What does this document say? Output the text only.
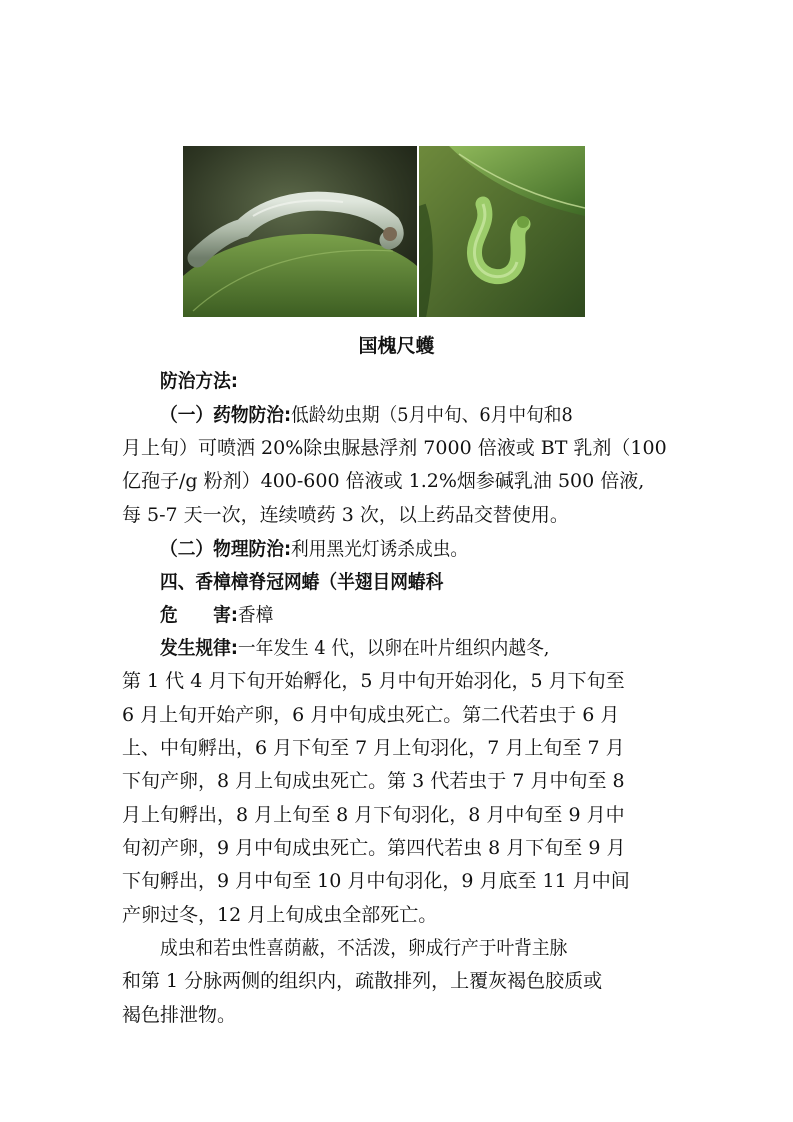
国槐尺蠖
防治方法:
（一）药物防治:低龄幼虫期（5月中旬、6月中旬和8
月上旬）可喷洒 20%除虫脲悬浮剂 7000 倍液或 BT 乳剂（100
亿孢子/g 粉剂）400-600 倍液或 1.2%烟参碱乳油 500 倍液,
每 5-7 天一次，连续喷药 3 次，以上药品交替使用。
（二）物理防治:利用黑光灯诱杀成虫。
四、香樟樟脊冠网蝽（半翅目网蝽科
危　　害:香樟
发生规律:一年发生 4 代，以卵在叶片组织内越冬,
第 1 代 4 月下旬开始孵化，5 月中旬开始羽化，5 月下旬至
6 月上旬开始产卵，6 月中旬成虫死亡。第二代若虫于 6 月
上、中旬孵出，6 月下旬至 7 月上旬羽化，7 月上旬至 7 月
下旬产卵，8 月上旬成虫死亡。第 3 代若虫于 7 月中旬至 8
月上旬孵出，8 月上旬至 8 月下旬羽化，8 月中旬至 9 月中
旬初产卵，9 月中旬成虫死亡。第四代若虫 8 月下旬至 9 月
下旬孵出，9 月中旬至 10 月中旬羽化，9 月底至 11 月中间
产卵过冬，12 月上旬成虫全部死亡。
成虫和若虫性喜荫蔽，不活泼，卵成行产于叶背主脉
和第 1 分脉两侧的组织内，疏散排列，上覆灰褐色胶质或
褐色排泄物。
